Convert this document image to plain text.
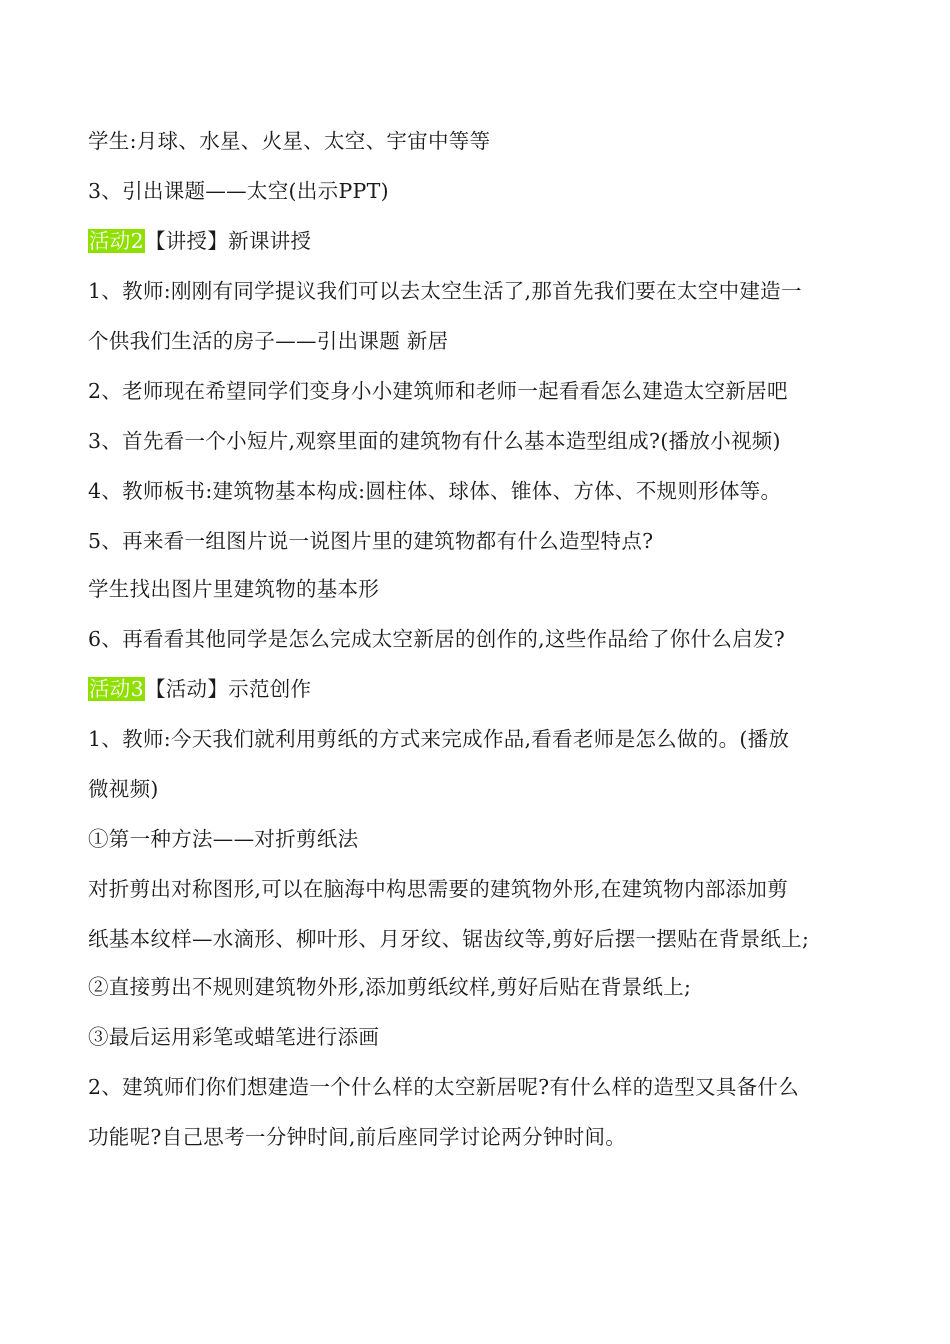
学生:月球、水星、火星、太空、宇宙中等等
3、引出课题——太空(出示PPT)
活动2【讲授】新课讲授
1、教师:刚刚有同学提议我们可以去太空生活了,那首先我们要在太空中建造一
个供我们生活的房子——引出课题 新居
2、老师现在希望同学们变身小小建筑师和老师一起看看怎么建造太空新居吧
3、首先看一个小短片,观察里面的建筑物有什么基本造型组成?(播放小视频)
4、教师板书:建筑物基本构成:圆柱体、球体、锥体、方体、不规则形体等。
5、再来看一组图片说一说图片里的建筑物都有什么造型特点?
学生找出图片里建筑物的基本形
6、再看看其他同学是怎么完成太空新居的创作的,这些作品给了你什么启发?
活动3【活动】示范创作
1、教师:今天我们就利用剪纸的方式来完成作品,看看老师是怎么做的。(播放
微视频)
①第一种方法——对折剪纸法
对折剪出对称图形,可以在脑海中构思需要的建筑物外形,在建筑物内部添加剪
纸基本纹样—水滴形、柳叶形、月牙纹、锯齿纹等,剪好后摆一摆贴在背景纸上;
②直接剪出不规则建筑物外形,添加剪纸纹样,剪好后贴在背景纸上;
③最后运用彩笔或蜡笔进行添画
2、建筑师们你们想建造一个什么样的太空新居呢?有什么样的造型又具备什么
功能呢?自己思考一分钟时间,前后座同学讨论两分钟时间。
